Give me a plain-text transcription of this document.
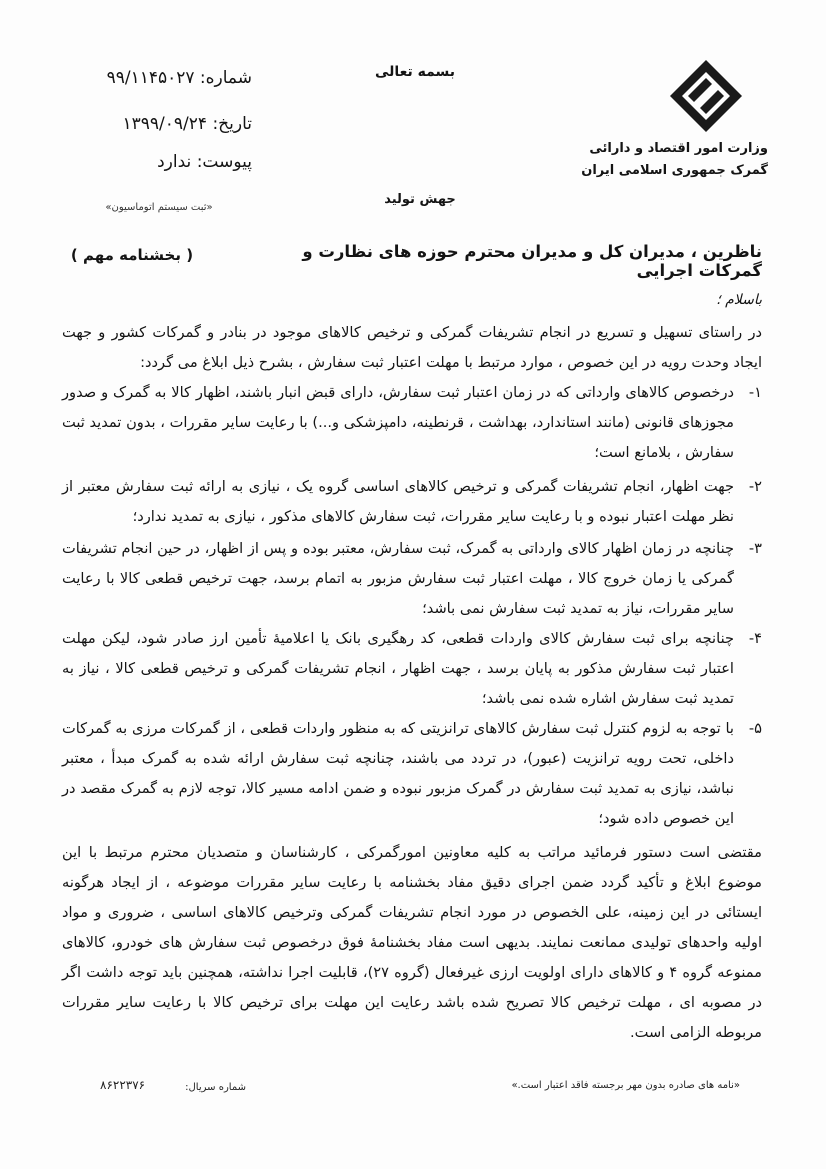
وزارت امور اقتصاد و دارائی
گمرک جمهوری اسلامی ایران
بسمه تعالی
جهش تولید
شماره: ۹۹/۱۱۴۵۰۲۷
تاریخ: ۱۳۹۹/۰۹/۲۴
پیوست: ندارد
«ثبت سیستم اتوماسیون»
ناظرین ، مدیران کل و مدیران محترم حوزه های نظارت و گمرکات اجرایی
( بخشنامه مهم )
باسلام ؛
در راستای تسهیل و تسریع در انجام تشریفات گمرکی و ترخیص کالاهای موجود در بنادر و گمرکات کشور و جهت ایجاد وحدت رویه در این خصوص ، موارد مرتبط با مهلت اعتبار ثبت سفارش ، بشرح ذیل ابلاغ می گردد:
۱-
درخصوص کالاهای وارداتی که در زمان اعتبار ثبت سفارش، دارای قبض انبار باشند، اظهار کالا به گمرک و صدور مجوزهای قانونی (مانند استاندارد، بهداشت ، قرنطینه، دامپزشکی و...) با رعایت سایر مقررات ، بدون تمدید ثبت سفارش ، بلامانع است؛
۲-
جهت اظهار، انجام تشریفات گمرکی و ترخیص کالاهای اساسی گروه یک ، نیازی به ارائه ثبت سفارش معتبر از نظر مهلت اعتبار نبوده و با رعایت سایر مقررات، ثبت سفارش کالاهای مذکور ، نیازی به تمدید ندارد؛
۳-
چنانچه در زمان اظهار کالای وارداتی به گمرک، ثبت سفارش، معتبر بوده و پس از اظهار، در حین انجام تشریفات گمرکی یا زمان خروج کالا ، مهلت اعتبار ثبت سفارش مزبور به اتمام برسد، جهت ترخیص قطعی کالا با رعایت سایر مقررات، نیاز به تمدید ثبت سفارش نمی باشد؛
۴-
چنانچه برای ثبت سفارش کالای واردات قطعی، کد رهگیری بانک یا اعلامیهٔ تأمین ارز صادر شود، لیکن مهلت اعتبار ثبت سفارش مذکور به پایان برسد ، جهت اظهار ، انجام تشریفات گمرکی و ترخیص قطعی کالا ، نیاز به تمدید ثبت سفارش اشاره شده نمی باشد؛
۵-
با توجه به لزوم کنترل ثبت سفارش کالاهای ترانزیتی که به منظور واردات قطعی ، از گمرکات مرزی به گمرکات داخلی، تحت رویه ترانزیت (عبور)، در تردد می باشند، چنانچه ثبت سفارش ارائه شده به گمرک مبدأ ، معتبر نباشد، نیازی به تمدید ثبت سفارش در گمرک مزبور نبوده و ضمن ادامه مسیر کالا، توجه لازم به گمرک مقصد در این خصوص داده شود؛
مقتضی است دستور فرمائید مراتب به کلیه معاونین امورگمرکی ، کارشناسان و متصدیان محترم مرتبط با این موضوع ابلاغ و تأکید گردد ضمن اجرای دقیق مفاد بخشنامه با رعایت سایر مقررات موضوعه ، از ایجاد هرگونه ایستائی در این زمینه، علی الخصوص در مورد انجام تشریفات گمرکی وترخیص کالاهای اساسی ، ضروری و مواد اولیه واحدهای تولیدی ممانعت نمایند. بدیهی است مفاد بخشنامهٔ فوق درخصوص ثبت سفارش های خودرو، کالاهای ممنوعه گروه ۴ و کالاهای دارای اولویت ارزی غیرفعال (گروه ۲۷)، قابلیت اجرا نداشته، همچنین باید توجه داشت اگر در مصوبه ای ، مهلت ترخیص کالا تصریح شده باشد رعایت این مهلت برای ترخیص کالا با رعایت سایر مقررات مربوطه الزامی است.
«نامه های صادره بدون مهر برجسته فاقد اعتبار است.»
شماره سریال:
۸۶۲۲۳۷۶
